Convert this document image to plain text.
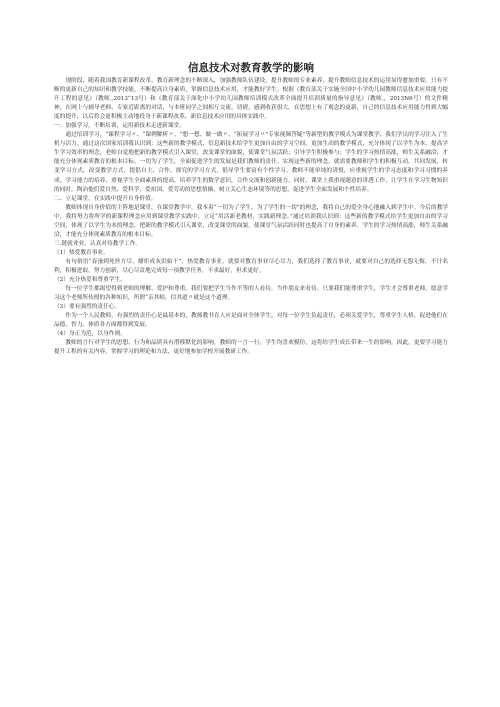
信息技术对教育教学的影响

现阶段，随着我国教育新课程改革、教育新理念的不断深入，加强教师队伍建设，提升教师的专业素养，提升教师信息技术的运用显得愈加重要。只有不断的更新自己的知识和教学技能，不断提高自身素质，掌握信息技术应用，才能教好学生。根据《教育部关于实施全国中小学幼儿园教师信息技术应用能力提升工程的意见》（教师,,2013“13号）和《教育部关于深化中小学幼儿园教师培训模式改革全面提升培训质量的指导意见》（教师,，2013N6号）的文件精神，在网上与辅导老师、专家近距离的对话，与本班同学之间相互交流、切磋，感到收获很大。在思想上有了观念的更新，自己的信息技术应用能力得到大幅度的提升，以后将会更积极主动地投身于新课程改革、新信息技术应用的具体实践中。

一．加强学习，不断培训，运用新技术走进新课堂。

通过培训学习，“课程学习〃、“课例解析〃、“想一想、做一做〃、“拓展学习〃”专家视频答疑”等新型的教学模式为课堂教学、我们学员的学习注入了生机与活力。通过这次国家培训我认识到：这些新的教学模式、信息新技术给学生更加自由的学习空间，更加生动的教学模式，充分体现了以学生为本，提高学生学习效率的理念，老师自觉地把新的教学模式引入课堂，改变课堂的面貌，使课堂气氛活跃；引导学生积极参与；学生的学习热情高涨，师生关系融洽，才能充分体现素质教育的根本目标。一切为了学生，全面促进学生的发展是我们教师的责任。实现这些新的理念，就需要教师和学生的积极互动，共同发展，转变学习方式，改变教学方式，提倡自主、合作、探究的学习方式，倡导学生要富有个性学习。教师不能单纯的讲授，应重视学生的学习态度和学习习惯的养成。学习能力的培养，重视学生全面素质的提高。培养学生的数学意识，合作交流和创新能力。同时，课堂上我重视题意的讲透工作，让学生在学习生物知识的同时，陶冶他们爱自然、爱科学、爱祖国、爱劳动的思想情操，树立关心生态环境等的思想，促进学生全面发展和个性培养。

二、立足课堂，在实践中提升自身价值。

教师体现自身价值的主阵地是课堂，在课堂教学中，我本着“一切为了学生，为了学生的一切”的理念，我将自己的爱全身心地融入到学生中。今后的教学中，我将努力将所学的新课程理念应用到课堂教学实践中，立足“用活新老教材，实践新理念。”通过培训我认识到：这些新的教学模式给学生更加自由的学习空间，体现了以学生为本的理念，把新的教学模式引入课堂，改变课堂的面貌，使课堂气氛活跃同时也提高了自身的素养。学生的学习热情高涨，师生关系融洽，才能充分体现素质教育的根本目标。

三.链就业业，认真对待教学工作。

（1）热爱教育事业。

有句俗语“春蚕到死丝方尽，蜡炬成灰泪始干”，热爱教育事业，就要对教育事业尽心尽力，我们选择了教育事业，就要对自己的选择无怨无悔，不计名利，积极进取，努力创新，尽心尽责地完成每一项教学任务，不求最好，但求更好。

（2）充分热爱和尊重学生。

每一位学生都渴望得到老师的理解、爱护和尊重。我们要把学生当作平等的人看待，当作朋友来看待。只要我们能尊重学生，学生才会尊重老师，愿意学习这个老师所传授的各种知识，所谓“亲其师，信其道〃就是这个道理。

（3）要有强烈的责任心。

作为一个人民教师，有强烈的责任心是最基本的，教师教书育人应是面对全体学生，对每一位学生负起责任，必须关爱学生，尊重学生人格，促进他们在品德、智力、体质各方面都得到发展。

（4）身正为范，以身作则。

教师的言行对学生的思想、行为和品质具有潜移默化的影响，教师的一言一行，学生均喜欢模仿，这将给学生成长带来一生的影响。因此，更要学习能力提升工程的有关内容，掌握学习的理论和方法，更好地参加学校开展教研工作。
